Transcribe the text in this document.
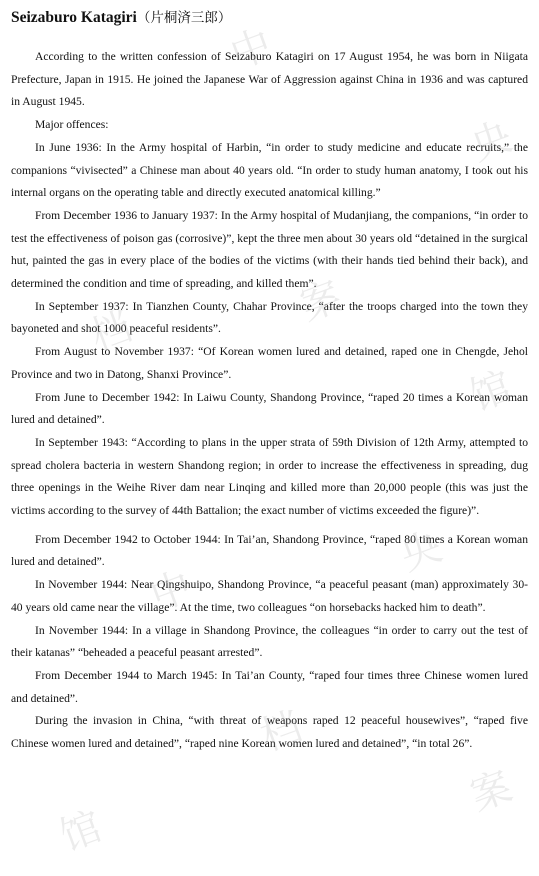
Seizaburo Katagiri（片桐済三郎）

According to the written confession of Seizaburo Katagiri on 17 August 1954, he was born in Niigata Prefecture, Japan in 1915. He joined the Japanese War of Aggression against China in 1936 and was captured in August 1945.

Major offences:

In June 1936: In the Army hospital of Harbin, “in order to study medicine and educate recruits,” the companions “vivisected” a Chinese man about 40 years old. “In order to study human anatomy, I took out his internal organs on the operating table and directly executed anatomical killing.”

From December 1936 to January 1937: In the Army hospital of Mudanjiang, the companions, “in order to test the effectiveness of poison gas (corrosive)”, kept the three men about 30 years old “detained in the surgical hut, painted the gas in every place of the bodies of the victims (with their hands tied behind their back), and determined the condition and time of spreading, and killed them”.

In September 1937: In Tianzhen County, Chahar Province, “after the troops charged into the town they bayoneted and shot 1000 peaceful residents”.

From August to November 1937: “Of Korean women lured and detained, raped one in Chengde, Jehol Province and two in Datong, Shanxi Province”.

From June to December 1942: In Laiwu County, Shandong Province, “raped 20 times a Korean woman lured and detained”.

In September 1943: “According to plans in the upper strata of 59th Division of 12th Army, attempted to spread cholera bacteria in western Shandong region; in order to increase the effectiveness in spreading, dug three openings in the Weihe River dam near Linqing and killed more than 20,000 people (this was just the victims according to the survey of 44th Battalion; the exact number of victims exceeded the figure)”.

From December 1942 to October 1944: In Tai’an, Shandong Province, “raped 80 times a Korean woman lured and detained”.

In November 1944: Near Qingshuipo, Shandong Province, “a peaceful peasant (man) approximately 30-40 years old came near the village”. At the time, two colleagues “on horsebacks hacked him to death”.

In November 1944: In a village in Shandong Province, the colleagues “in order to carry out the test of their katanas” “beheaded a peaceful peasant arrested”.

From December 1944 to March 1945: In Tai’an County, “raped four times three Chinese women lured and detained”.

During the invasion in China, “with threat of weapons raped 12 peaceful housewives”, “raped five Chinese women lured and detained”, “raped nine Korean women lured and detained”, “in total 26”.

中
央
档
案
馆
中
央
档
案
馆
